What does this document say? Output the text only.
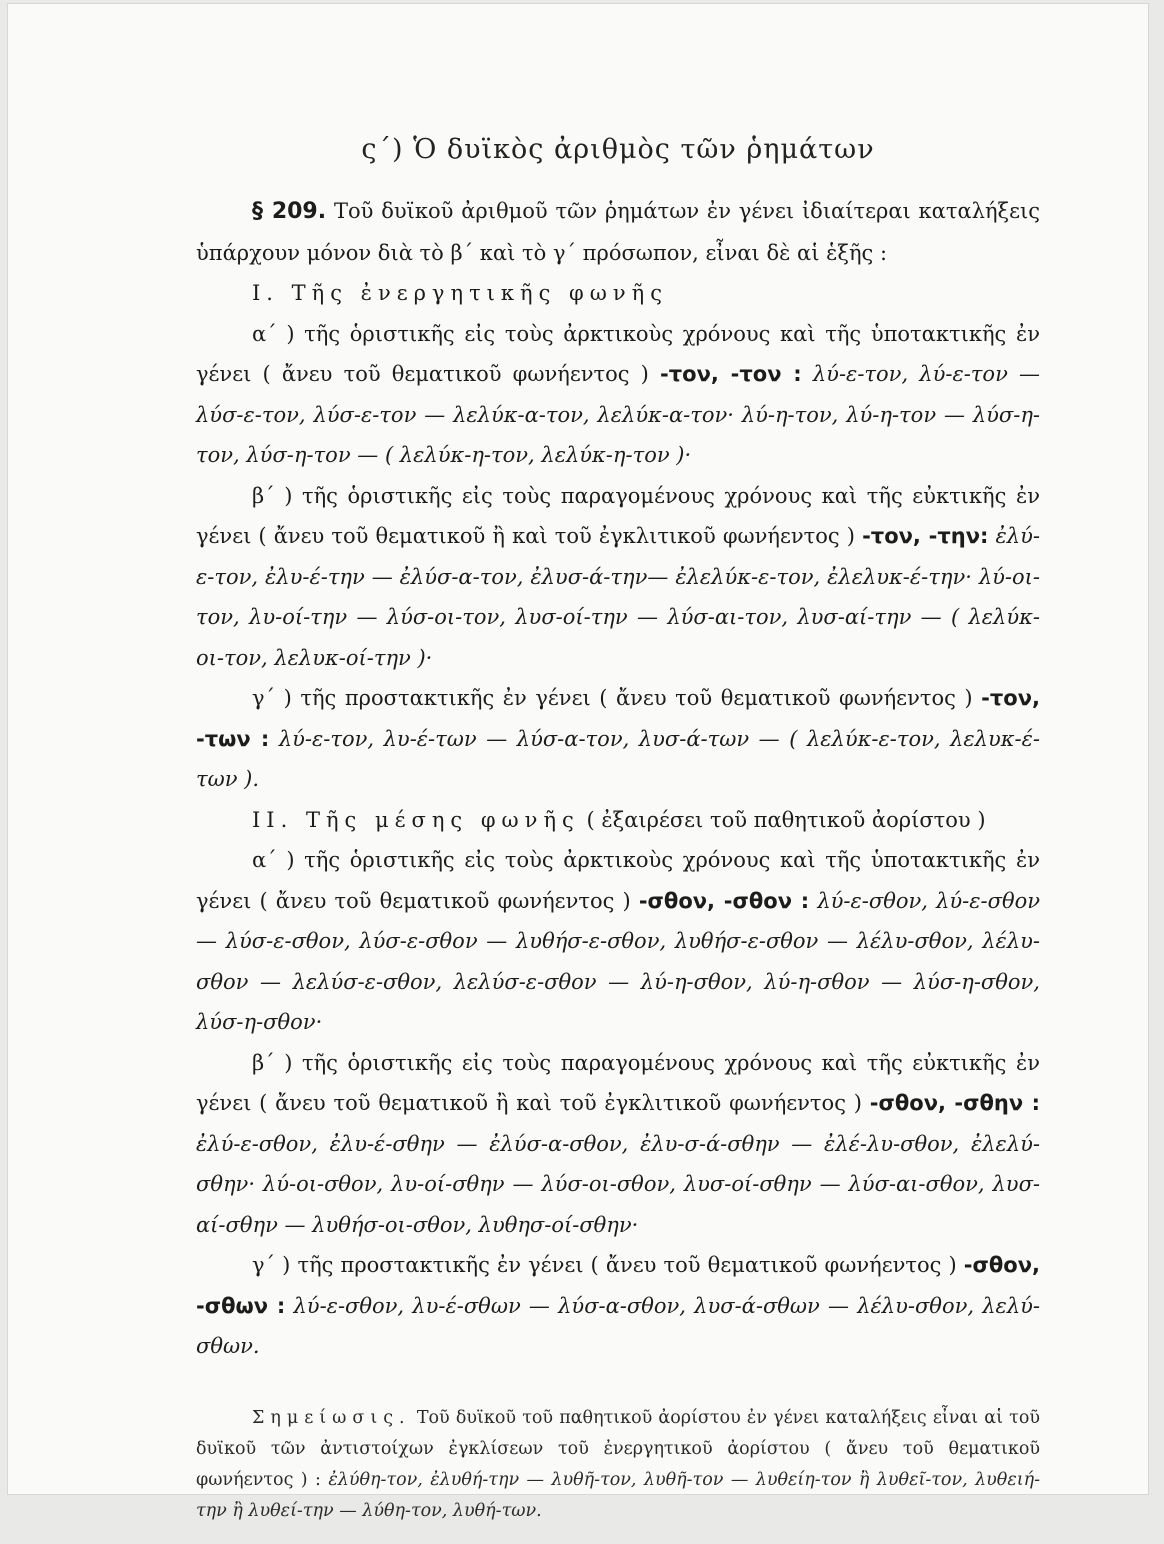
ς΄) Ὁ δυϊκὸς ἀριθμὸς τῶν ῥημάτων

§ 209. Τοῦ δυϊκοῦ ἀριθμοῦ τῶν ῥημάτων ἐν γένει ἰδιαίτεραι καταλήξεις ὑπάρχουν μόνον διὰ τὸ β΄ καὶ τὸ γ΄ πρόσωπον, εἶναι δὲ αἱ ἑξῆς :

Ι. Τῆς ἐνεργητικῆς φωνῆς

α΄ ) τῆς ὁριστικῆς εἰς τοὺς ἀρκτικοὺς χρόνους καὶ τῆς ὑποτακτικῆς ἐν γένει ( ἄνευ τοῦ θεματικοῦ φωνήεντος ) -τον, -τον : λύ-ε-τον, λύ-ε-τον — λύσ-ε-τον, λύσ-ε-τον — λελύκ-α-τον, λελύκ-α-τον· λύ-η-τον, λύ-η-τον — λύσ-η-τον, λύσ-η-τον — ( λελύκ-η-τον, λελύκ-η-τον )·

β΄ ) τῆς ὁριστικῆς εἰς τοὺς παραγομένους χρόνους καὶ τῆς εὐκτικῆς ἐν γένει ( ἄνευ τοῦ θεματικοῦ ἢ καὶ τοῦ ἐγκλιτικοῦ φωνήεντος ) -τον, -την: ἐλύ-ε-τον, ἐλυ-έ-την — ἐλύσ-α-τον, ἐλυσ-ά-την— ἐλελύκ-ε-τον, ἐλελυκ-έ-την· λύ-οι-τον, λυ-οί-την — λύσ-οι-τον, λυσ-οί-την — λύσ-αι-τον, λυσ-αί-την — ( λελύκ-οι-τον, λελυκ-οί-την )·

γ΄ ) τῆς προστακτικῆς ἐν γένει ( ἄνευ τοῦ θεματικοῦ φωνήεντος ) -τον, -των : λύ-ε-τον, λυ-έ-των — λύσ-α-τον, λυσ-ά-των — ( λελύκ-ε-τον, λελυκ-έ-των ).

ΙΙ. Τῆς μέσης φωνῆς ( ἐξαιρέσει τοῦ παθητικοῦ ἀορίστου )

α΄ ) τῆς ὁριστικῆς εἰς τοὺς ἀρκτικοὺς χρόνους καὶ τῆς ὑποτακτικῆς ἐν γένει ( ἄνευ τοῦ θεματικοῦ φωνήεντος ) -σθον, -σθον : λύ-ε-σθον, λύ-ε-σθον — λύσ-ε-σθον, λύσ-ε-σθον — λυθήσ-ε-σθον, λυθήσ-ε-σθον — λέλυ-σθον, λέλυ-σθον — λελύσ-ε-σθον, λελύσ-ε-σθον — λύ-η-σθον, λύ-η-σθον — λύσ-η-σθον, λύσ-η-σθον·

β΄ ) τῆς ὁριστικῆς εἰς τοὺς παραγομένους χρόνους καὶ τῆς εὐκτικῆς ἐν γένει ( ἄνευ τοῦ θεματικοῦ ἢ καὶ τοῦ ἐγκλιτικοῦ φωνήεντος ) -σθον, -σθην : ἐλύ-ε-σθον, ἐλυ-έ-σθην — ἐλύσ-α-σθον, ἐλυ-σ-ά-σθην — ἐλέ-λυ-σθον, ἐλελύ-σθην· λύ-οι-σθον, λυ-οί-σθην — λύσ-οι-σθον, λυσ-οί-σθην — λύσ-αι-σθον, λυσ-αί-σθην — λυθήσ-οι-σθον, λυθησ-οί-σθην·

γ΄ ) τῆς προστακτικῆς ἐν γένει ( ἄνευ τοῦ θεματικοῦ φωνήεντος ) -σθον, -σθων : λύ-ε-σθον, λυ-έ-σθων — λύσ-α-σθον, λυσ-ά-σθων — λέλυ-σθον, λελύ-σθων.

Σημείωσις. Τοῦ δυϊκοῦ τοῦ παθητικοῦ ἀορίστου ἐν γένει καταλήξεις εἶναι αἱ τοῦ δυϊκοῦ τῶν ἀντιστοίχων ἐγκλίσεων τοῦ ἐνεργητικοῦ ἀορίστου ( ἄνευ τοῦ θεματικοῦ φωνήεντος ) : ἐλύθη-τον, ἐλυθή-την — λυθῆ-τον, λυθῆ-τον — λυθείη-τον ἢ λυθεῖ-τον, λυθειή-την ἢ λυθεί-την — λύθη-τον, λυθή-των.
